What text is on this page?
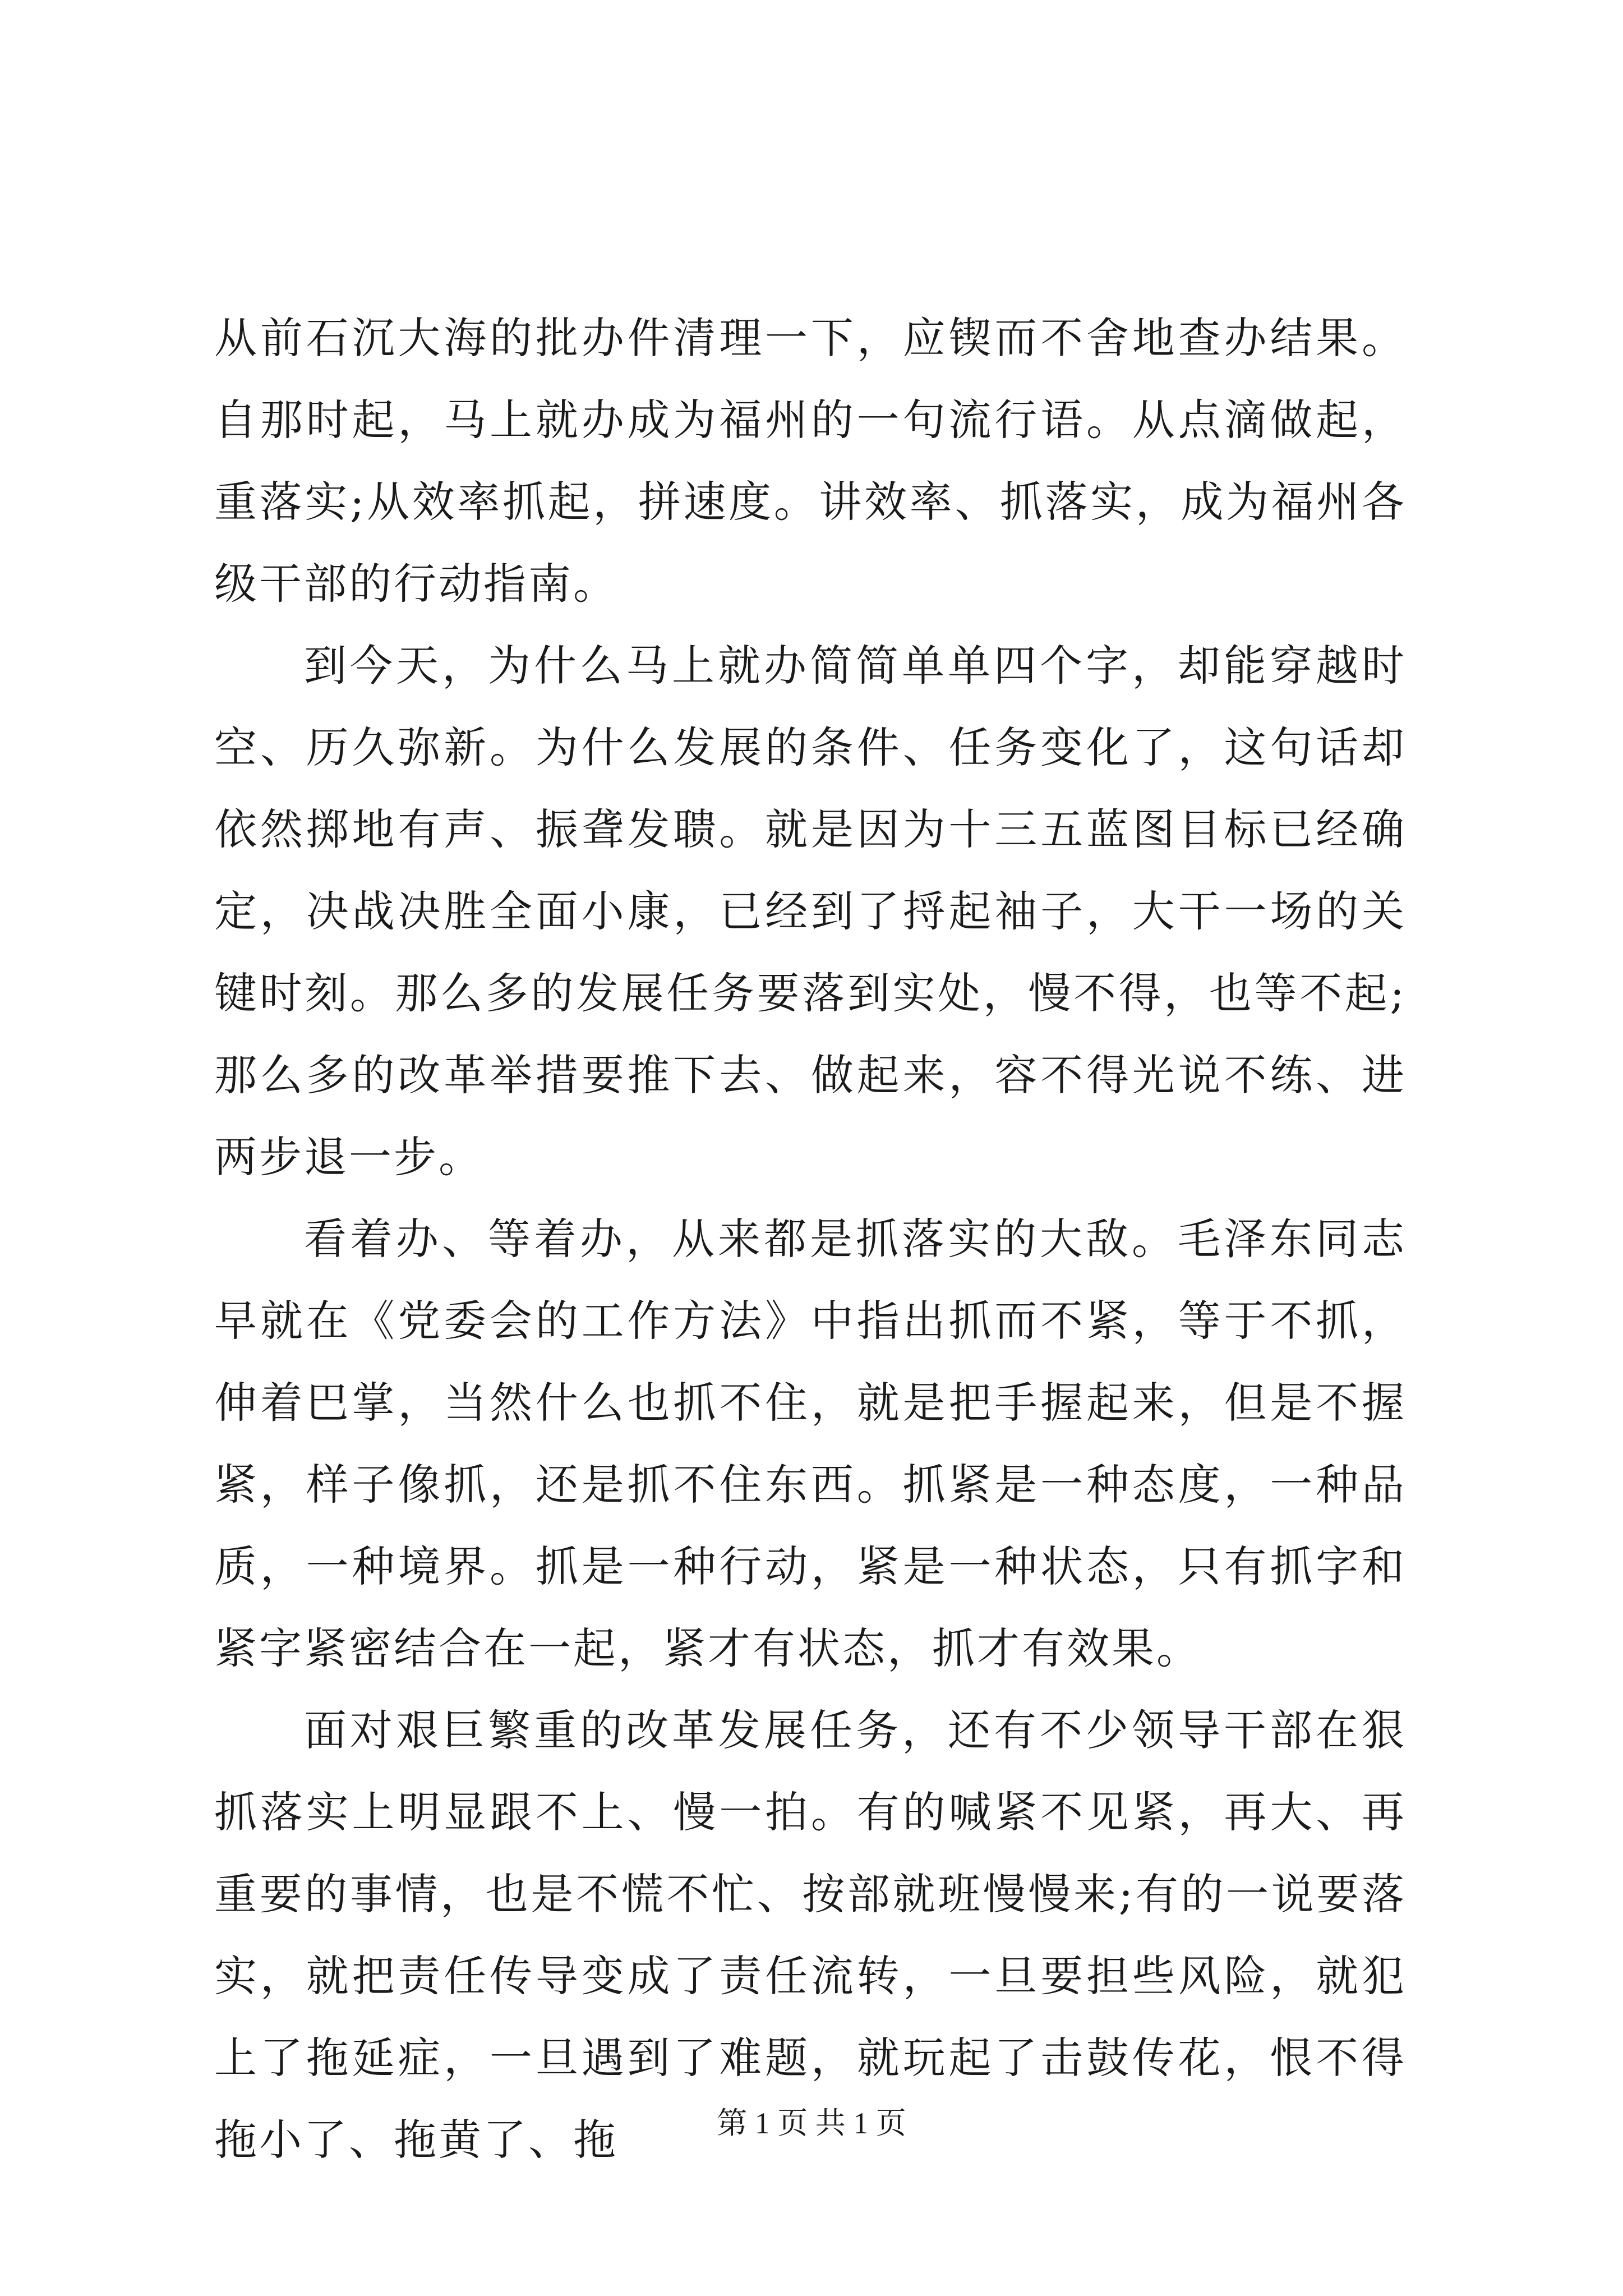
从前石沉大海的批办件清理一下，应锲而不舍地查办结果。自那时起，马上就办成为福州的一句流行语。从点滴做起，重落实;从效率抓起，拼速度。讲效率、抓落实，成为福州各级干部的行动指南。

到今天，为什么马上就办简简单单四个字，却能穿越时空、历久弥新。为什么发展的条件、任务变化了，这句话却依然掷地有声、振聋发聩。就是因为十三五蓝图目标已经确定，决战决胜全面小康，已经到了捋起袖子，大干一场的关键时刻。那么多的发展任务要落到实处，慢不得，也等不起;那么多的改革举措要推下去、做起来，容不得光说不练、进两步退一步。

看着办、等着办，从来都是抓落实的大敌。毛泽东同志早就在《党委会的工作方法》中指出抓而不紧，等于不抓，伸着巴掌，当然什么也抓不住，就是把手握起来，但是不握紧，样子像抓，还是抓不住东西。抓紧是一种态度，一种品质，一种境界。抓是一种行动，紧是一种状态，只有抓字和紧字紧密结合在一起，紧才有状态，抓才有效果。

面对艰巨繁重的改革发展任务，还有不少领导干部在狠抓落实上明显跟不上、慢一拍。有的喊紧不见紧，再大、再重要的事情，也是不慌不忙、按部就班慢慢来;有的一说要落实，就把责任传导变成了责任流转，一旦要担些风险，就犯上了拖延症，一旦遇到了难题，就玩起了击鼓传花，恨不得拖小了、拖黄了、拖	第 1 页 共 1 页
